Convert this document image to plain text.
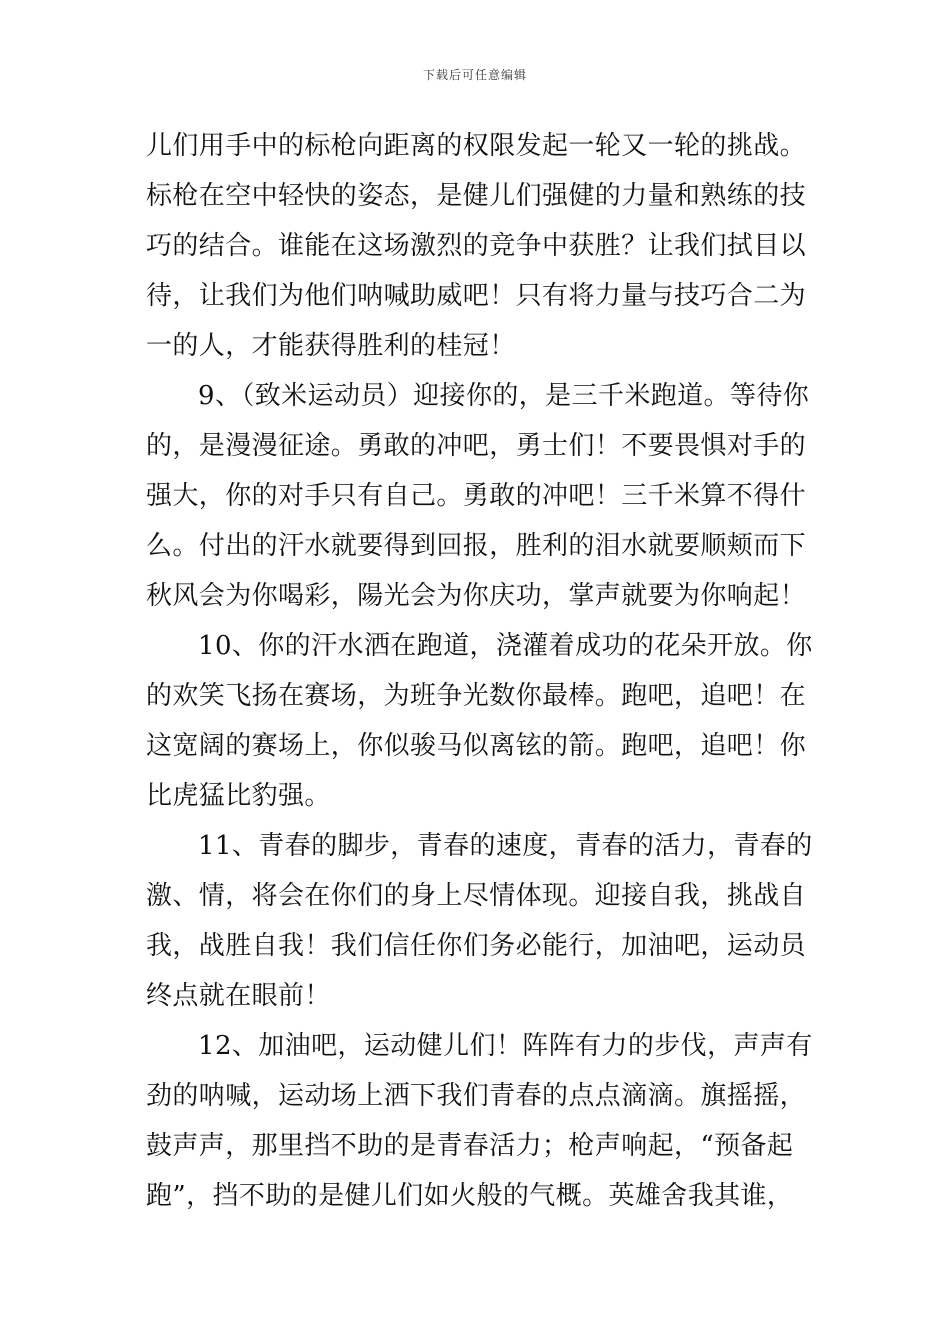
下载后可任意编辑
儿们用手中的标枪向距离的权限发起一轮又一轮的挑战。
标枪在空中轻快的姿态，是健儿们强健的力量和熟练的技
巧的结合。谁能在这场激烈的竞争中获胜？让我们拭目以
待，让我们为他们呐喊助威吧！只有将力量与技巧合二为
一的人，才能获得胜利的桂冠！
9、（致米运动员）迎接你的，是三千米跑道。等待你
的，是漫漫征途。勇敢的冲吧，勇士们！不要畏惧对手的
强大，你的对手只有自己。勇敢的冲吧！三千米算不得什
么。付出的汗水就要得到回报，胜利的泪水就要顺颊而下
秋风会为你喝彩，陽光会为你庆功，掌声就要为你响起！
10、你的汗水洒在跑道，浇灌着成功的花朵开放。你
的欢笑飞扬在赛场，为班争光数你最棒。跑吧，追吧！在
这宽阔的赛场上，你似骏马似离铉的箭。跑吧，追吧！你
比虎猛比豹强。
11、青春的脚步，青春的速度，青春的活力，青春的
激、情，将会在你们的身上尽情体现。迎接自我，挑战自
我，战胜自我！我们信任你们务必能行，加油吧，运动员
终点就在眼前！
12、加油吧，运动健儿们！阵阵有力的步伐，声声有
劲的呐喊，运动场上洒下我们青春的点点滴滴。旗摇摇，
鼓声声，那里挡不助的是青春活力；枪声响起，“预备起
跑”，挡不助的是健儿们如火般的气概。英雄舍我其谁，
